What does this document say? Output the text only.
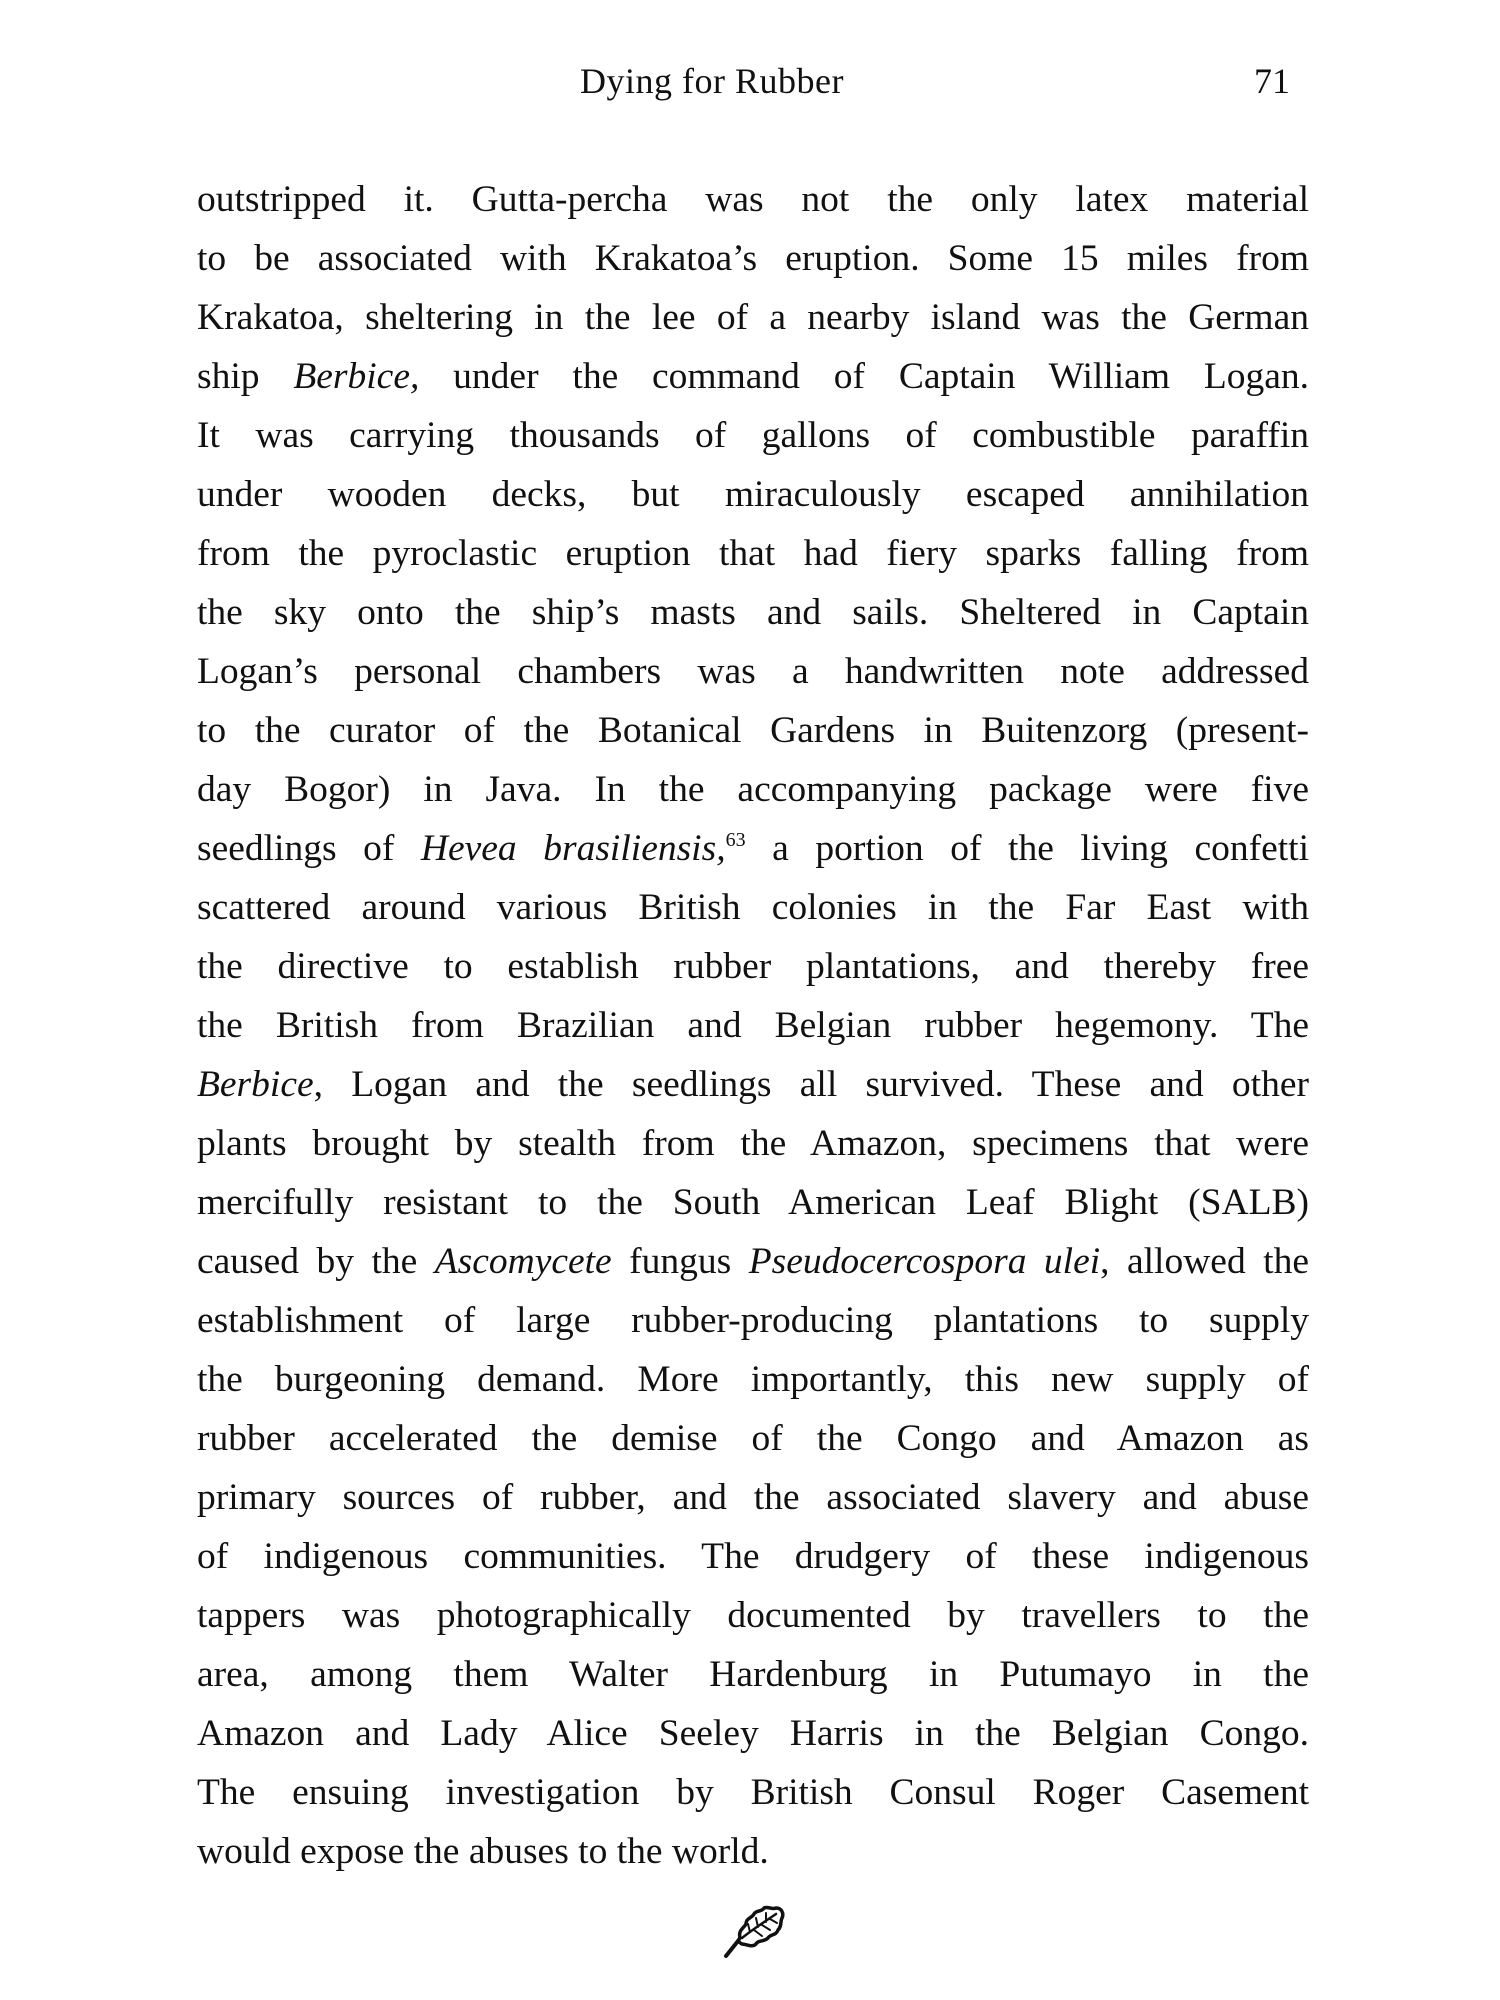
Dying for Rubber	71
outstripped it. Gutta-percha was not the only latex material
to be associated with Krakatoa’s eruption. Some 15 miles from
Krakatoa, sheltering in the lee of a nearby island was the German
ship Berbice, under the command of Captain William Logan.
It was carrying thousands of gallons of combustible paraffin
under wooden decks, but miraculously escaped annihilation
from the pyroclastic eruption that had fiery sparks falling from
the sky onto the ship’s masts and sails. Sheltered in Captain
Logan’s personal chambers was a handwritten note addressed
to the curator of the Botanical Gardens in Buitenzorg (present-
day Bogor) in Java. In the accompanying package were five
seedlings of Hevea brasiliensis,$^{63}$ a portion of the living confetti
scattered around various British colonies in the Far East with
the directive to establish rubber plantations, and thereby free
the British from Brazilian and Belgian rubber hegemony. The
Berbice, Logan and the seedlings all survived. These and other
plants brought by stealth from the Amazon, specimens that were
mercifully resistant to the South American Leaf Blight (SALB)
caused by the Ascomycete fungus Pseudocercospora ulei, allowed the
establishment of large rubber-producing plantations to supply
the burgeoning demand. More importantly, this new supply of
rubber accelerated the demise of the Congo and Amazon as
primary sources of rubber, and the associated slavery and abuse
of indigenous communities. The drudgery of these indigenous
tappers was photographically documented by travellers to the
area, among them Walter Hardenburg in Putumayo in the
Amazon and Lady Alice Seeley Harris in the Belgian Congo.
The ensuing investigation by British Consul Roger Casement
would expose the abuses to the world.
